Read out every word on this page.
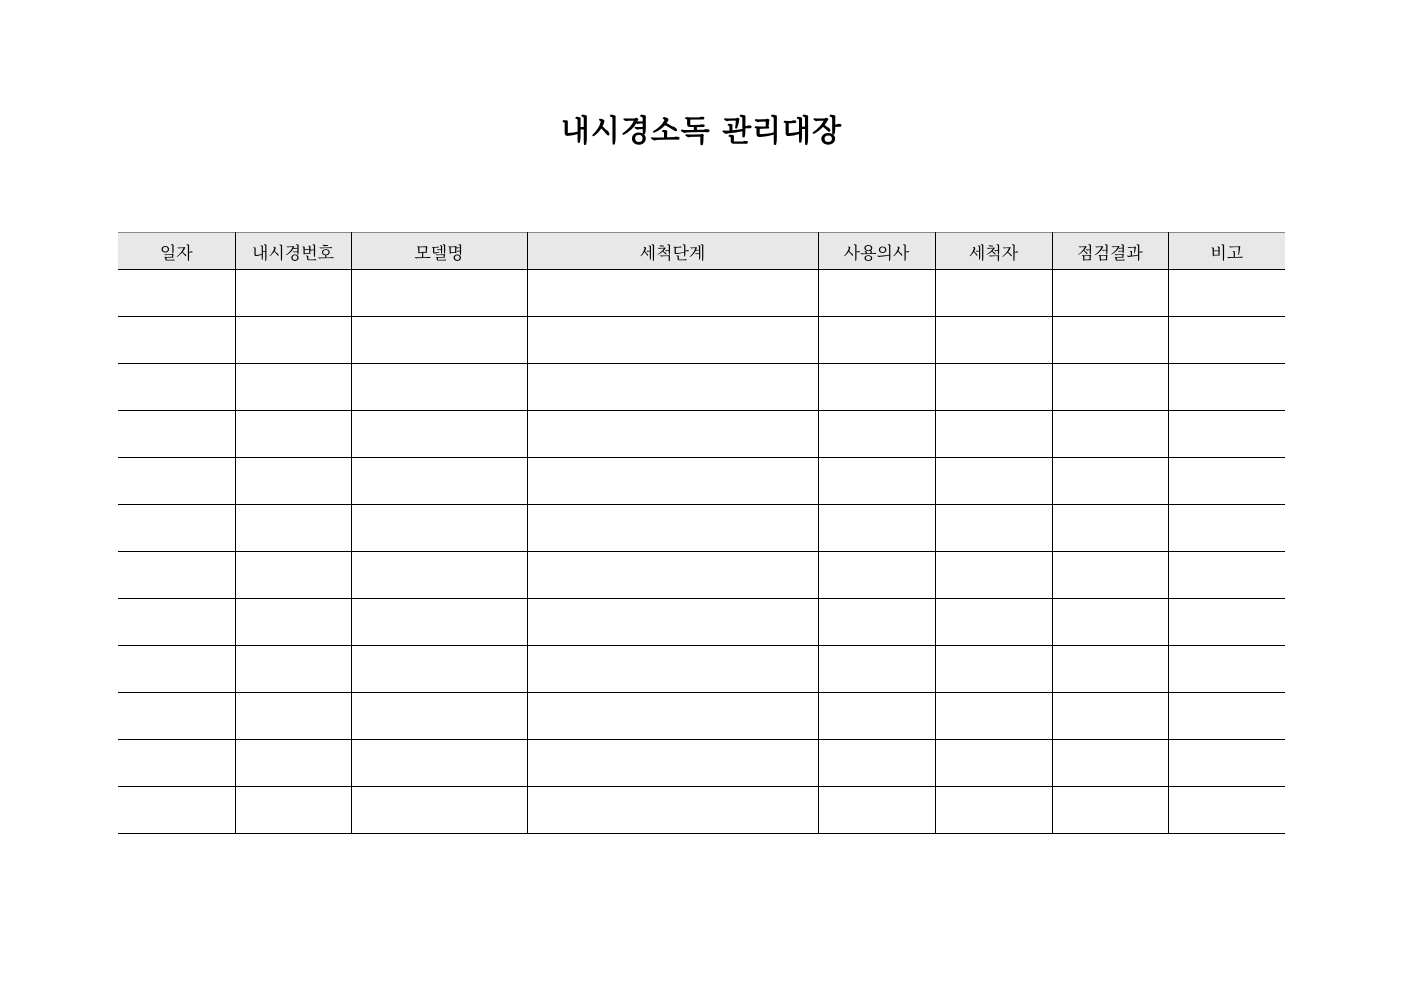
내시경소독 관리대장
일자	내시경번호	모델명	세척단계	사용의사	세척자	점검결과	비고
